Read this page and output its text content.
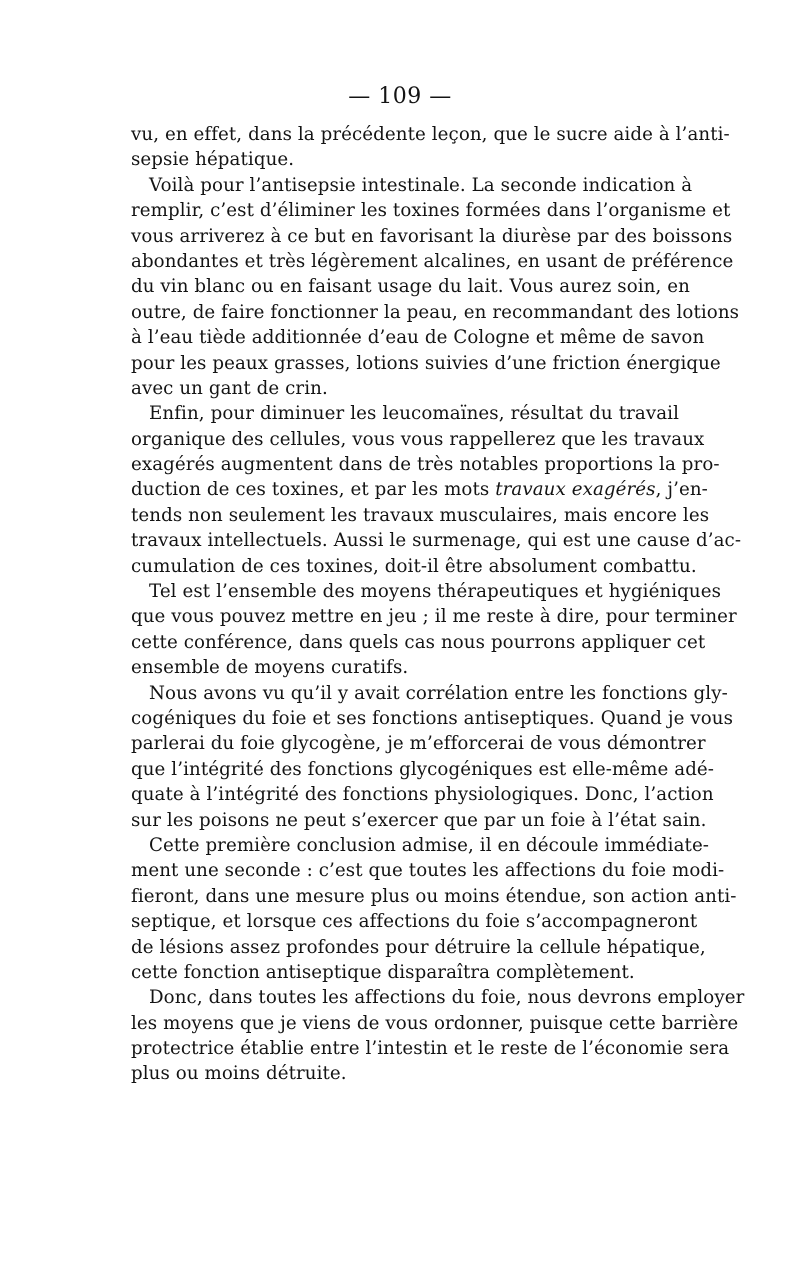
— 109 —
vu, en effet, dans la précédente leçon, que le sucre aide à l’anti-
sepsie hépatique.
Voilà pour l’antisepsie intestinale. La seconde indication à
remplir, c’est d’éliminer les toxines formées dans l’organisme et
vous arriverez à ce but en favorisant la diurèse par des boissons
abondantes et très légèrement alcalines, en usant de préférence
du vin blanc ou en faisant usage du lait. Vous aurez soin, en
outre, de faire fonctionner la peau, en recommandant des lotions
à l’eau tiède additionnée d’eau de Cologne et même de savon
pour les peaux grasses, lotions suivies d’une friction énergique
avec un gant de crin.
Enfin, pour diminuer les leucomaïnes, résultat du travail
organique des cellules, vous vous rappellerez que les travaux
exagérés augmentent dans de très notables proportions la pro-
duction de ces toxines, et par les mots travaux exagérés, j’en-
tends non seulement les travaux musculaires, mais encore les
travaux intellectuels. Aussi le surmenage, qui est une cause d’ac-
cumulation de ces toxines, doit-il être absolument combattu.
Tel est l’ensemble des moyens thérapeutiques et hygiéniques
que vous pouvez mettre en jeu ; il me reste à dire, pour terminer
cette conférence, dans quels cas nous pourrons appliquer cet
ensemble de moyens curatifs.
Nous avons vu qu’il y avait corrélation entre les fonctions gly-
cogéniques du foie et ses fonctions antiseptiques. Quand je vous
parlerai du foie glycogène, je m’efforcerai de vous démontrer
que l’intégrité des fonctions glycogéniques est elle-même adé-
quate à l’intégrité des fonctions physiologiques. Donc, l’action
sur les poisons ne peut s’exercer que par un foie à l’état sain.
Cette première conclusion admise, il en découle immédiate-
ment une seconde : c’est que toutes les affections du foie modi-
fieront, dans une mesure plus ou moins étendue, son action anti-
septique, et lorsque ces affections du foie s’accompagneront
de lésions assez profondes pour détruire la cellule hépatique,
cette fonction antiseptique disparaîtra complètement.
Donc, dans toutes les affections du foie, nous devrons employer
les moyens que je viens de vous ordonner, puisque cette barrière
protectrice établie entre l’intestin et le reste de l’économie sera
plus ou moins détruite.
